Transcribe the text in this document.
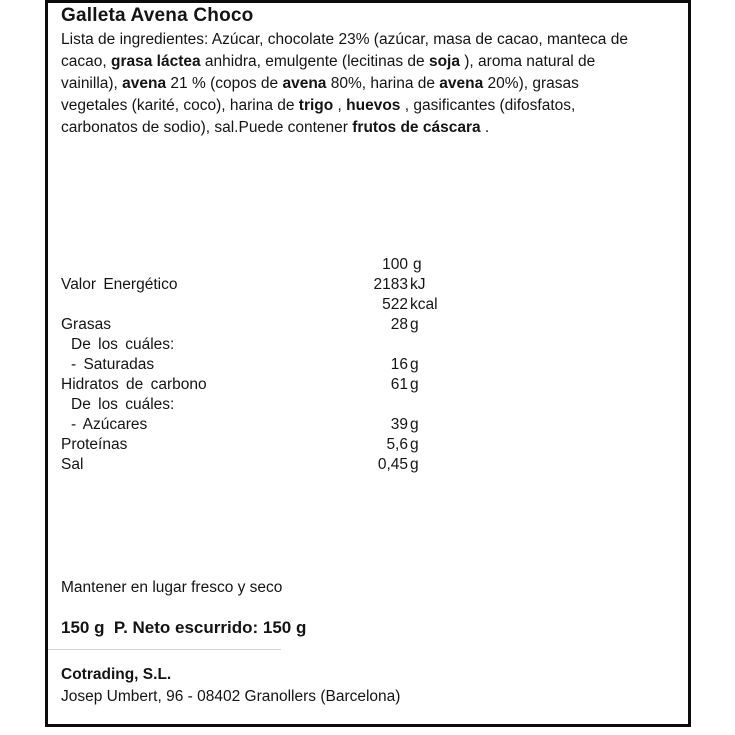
Galleta Avena Choco
Lista de ingredientes: Azúcar, chocolate 23% (azúcar, masa de cacao, manteca de
cacao, grasa láctea anhidra, emulgente (lecitinas de soja ), aroma natural de
vainilla), avena 21 % (copos de avena 80%, harina de avena 20%), grasas
vegetales (karité, coco), harina de trigo , huevos , gasificantes (difosfatos,
carbonatos de sodio), sal.Puede contener frutos de cáscara .
100 g
Valor Energético	2183 kJ
522 kcal
Grasas	28 g
De los cuáles:
- Saturadas	16 g
Hidratos de carbono	61 g
De los cuáles:
- Azúcares	39 g
Proteínas	5,6 g
Sal	0,45 g
Mantener en lugar fresco y seco
150 g  P. Neto escurrido: 150 g
Cotrading, S.L.
Josep Umbert, 96 - 08402 Granollers (Barcelona)
